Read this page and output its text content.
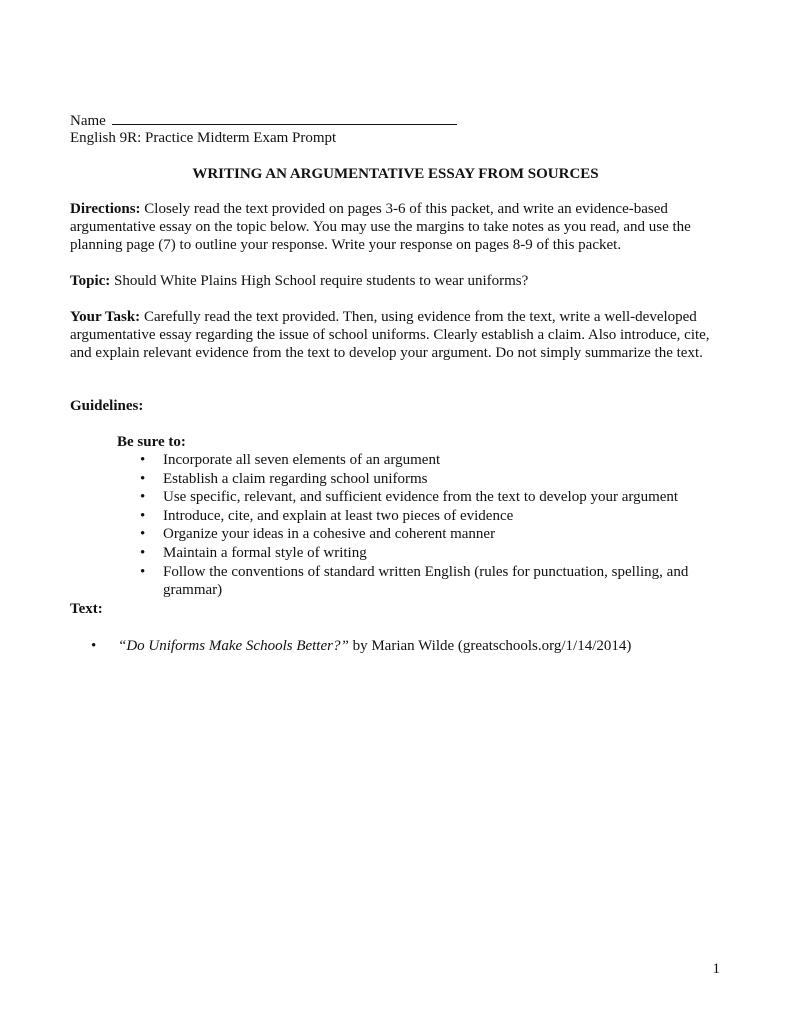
Name
English 9R: Practice Midterm Exam Prompt
WRITING AN ARGUMENTATIVE ESSAY FROM SOURCES
Directions: Closely read the text provided on pages 3-6 of this packet, and write an evidence-based argumentative essay on the topic below. You may use the margins to take notes as you read, and use the planning page (7) to outline your response. Write your response on pages 8-9 of this packet.
Topic: Should White Plains High School require students to wear uniforms?
Your Task: Carefully read the text provided. Then, using evidence from the text, write a well-developed argumentative essay regarding the issue of school uniforms. Clearly establish a claim. Also introduce, cite, and explain relevant evidence from the text to develop your argument. Do not simply summarize the text.
Guidelines:
Be sure to:
• Incorporate all seven elements of an argument
• Establish a claim regarding school uniforms
• Use specific, relevant, and sufficient evidence from the text to develop your argument
• Introduce, cite, and explain at least two pieces of evidence
• Organize your ideas in a cohesive and coherent manner
• Maintain a formal style of writing
• Follow the conventions of standard written English (rules for punctuation, spelling, and grammar)
Text:
• “Do Uniforms Make Schools Better?” by Marian Wilde (greatschools.org/1/14/2014)
1
